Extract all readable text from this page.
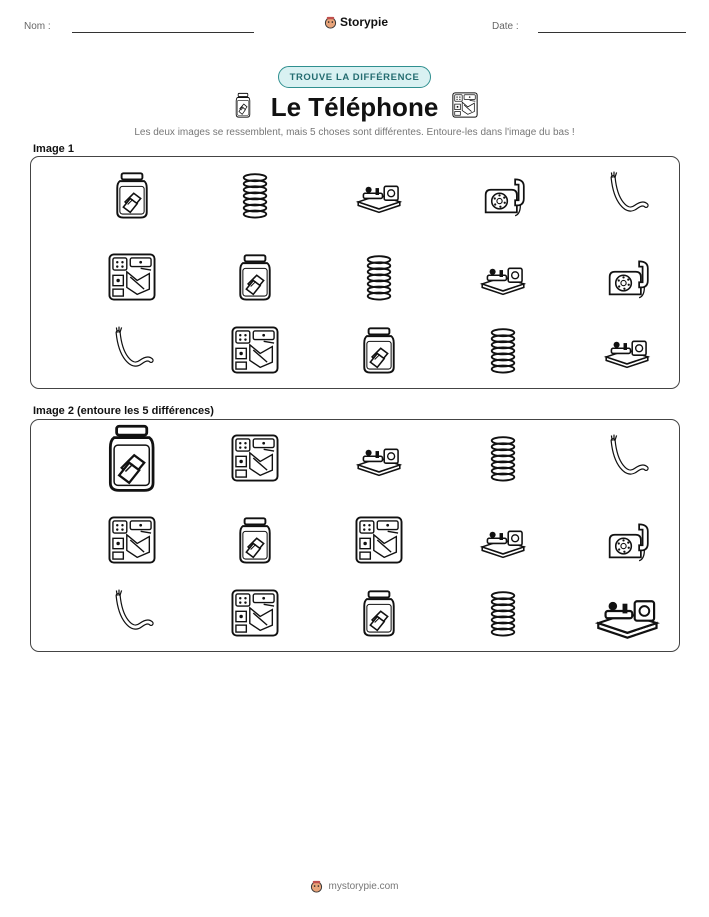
Nom :	Storypie	Date :
TROUVE LA DIFFÉRENCE
Le Téléphone
Les deux images se ressemblent, mais 5 choses sont différentes. Entoure-les dans l'image du bas !
Image 1
Image 2 (entoure les 5 différences)
mystorypie.com
